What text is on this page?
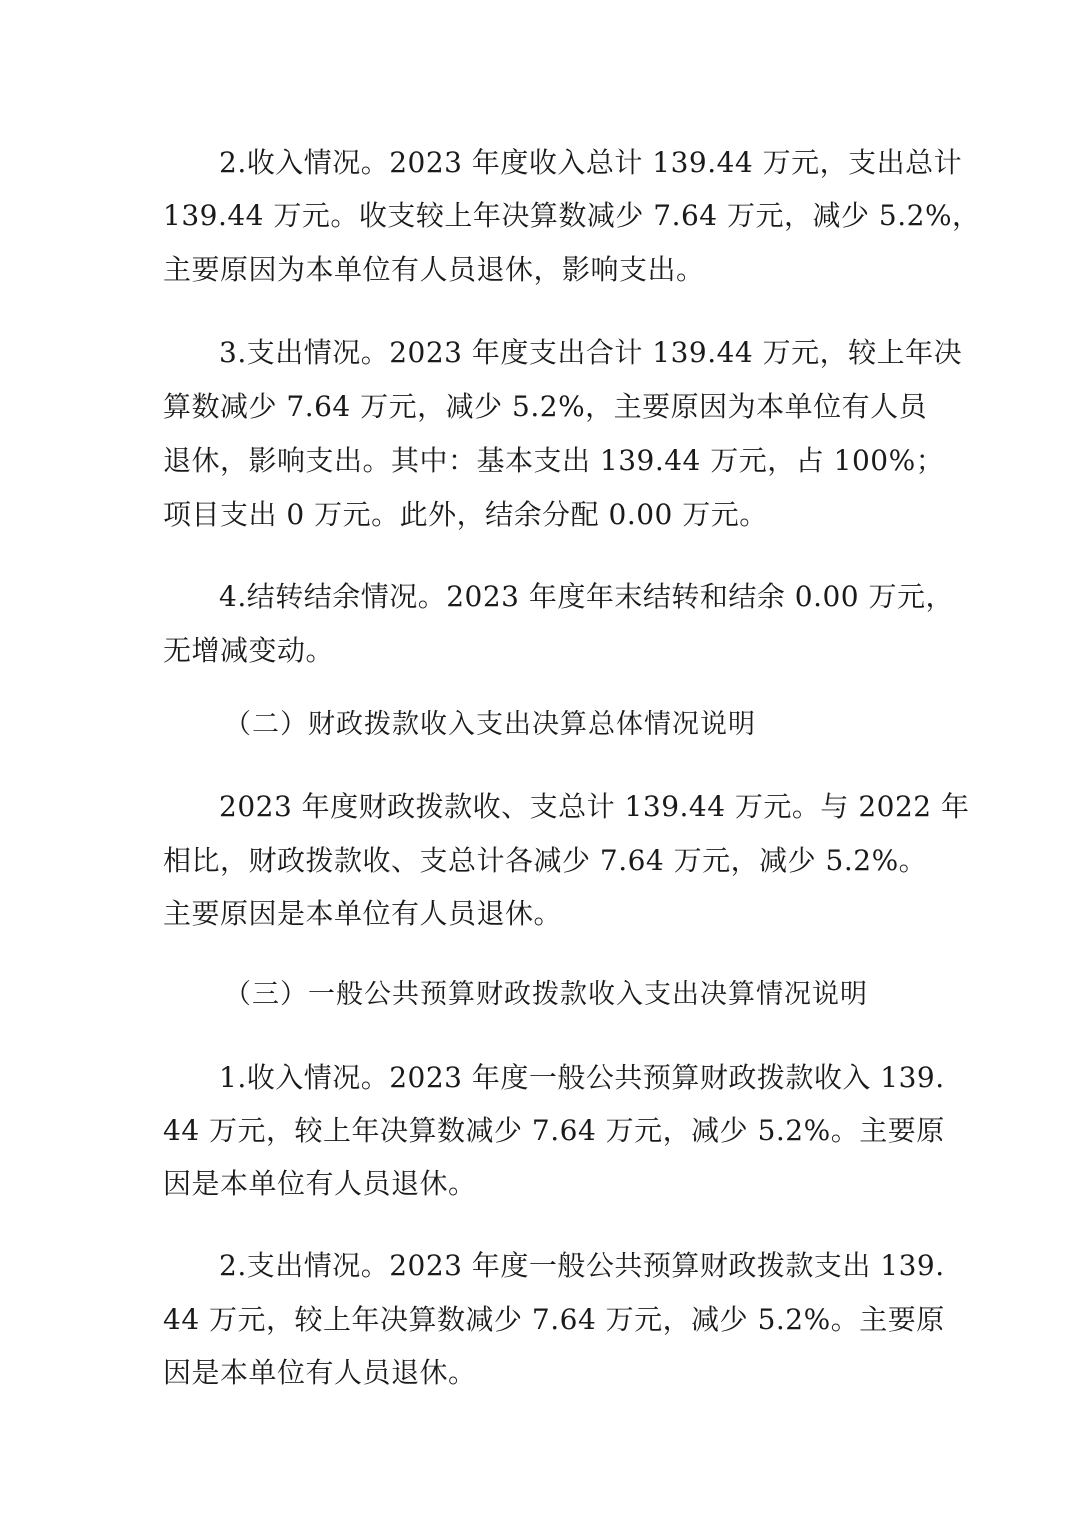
2.收入情况。2023 年度收入总计 139.44 万元，支出总计
139.44 万元。收支较上年决算数减少 7.64 万元，减少 5.2%，
主要原因为本单位有人员退休，影响支出。
3.支出情况。2023 年度支出合计 139.44 万元，较上年决
算数减少 7.64 万元，减少 5.2%，主要原因为本单位有人员
退休，影响支出。其中：基本支出 139.44 万元，占 100%；
项目支出 0 万元。此外，结余分配 0.00 万元。
4.结转结余情况。2023 年度年末结转和结余 0.00 万元，
无增减变动。
（二）财政拨款收入支出决算总体情况说明
2023 年度财政拨款收、支总计 139.44 万元。与 2022 年
相比，财政拨款收、支总计各减少 7.64 万元，减少 5.2%。
主要原因是本单位有人员退休。
（三）一般公共预算财政拨款收入支出决算情况说明
1.收入情况。2023 年度一般公共预算财政拨款收入 139.
44 万元，较上年决算数减少 7.64 万元，减少 5.2%。主要原
因是本单位有人员退休。
2.支出情况。2023 年度一般公共预算财政拨款支出 139.
44 万元，较上年决算数减少 7.64 万元，减少 5.2%。主要原
因是本单位有人员退休。
